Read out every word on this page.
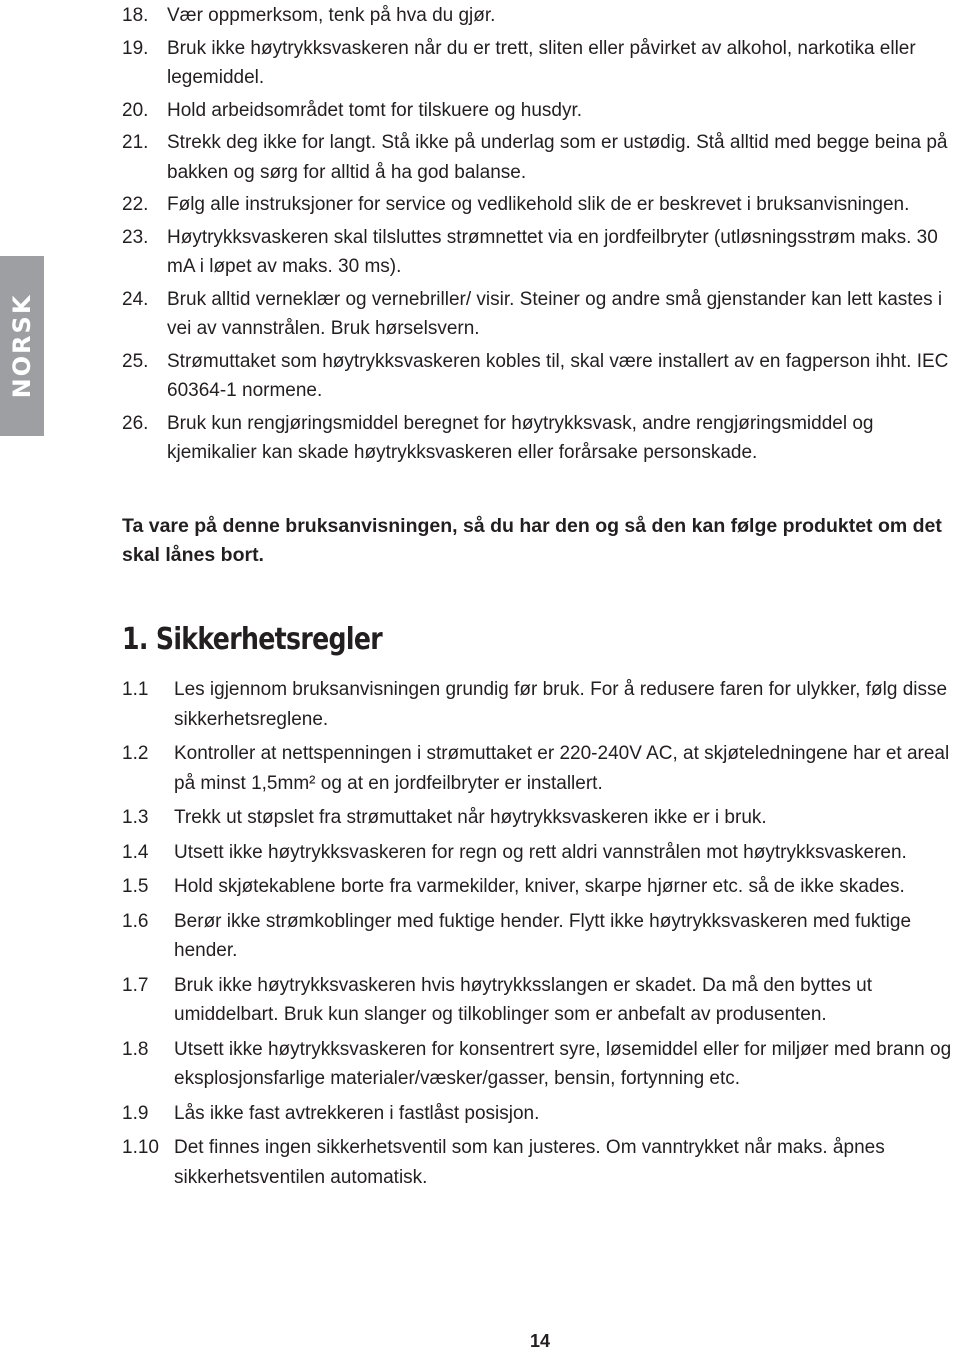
NORSK
18. Vær oppmerksom, tenk på hva du gjør.
19. Bruk ikke høytrykksvaskeren når du er trett, sliten eller påvirket av alkohol, narkotika eller legemiddel.
20. Hold arbeidsområdet tomt for tilskuere og husdyr.
21. Strekk deg ikke for langt. Stå ikke på underlag som er ustødig. Stå alltid med begge beina på bakken og sørg for alltid å ha god balanse.
22. Følg alle instruksjoner for service og vedlikehold slik de er beskrevet i bruksanvisningen.
23. Høytrykksvaskeren skal tilsluttes strømnettet via en jordfeilbryter (utløsningsstrøm maks. 30 mA i løpet av maks. 30 ms).
24. Bruk alltid verneklær og vernebriller/ visir. Steiner og andre små gjenstander kan lett kastes i vei av vannstrålen. Bruk hørselsvern.
25. Strømuttaket som høytrykksvaskeren kobles til, skal være installert av en fagperson ihht. IEC 60364-1 normene.
26. Bruk kun rengjøringsmiddel beregnet for høytrykksvask, andre rengjøringsmiddel og kjemikalier kan skade høytrykksvaskeren eller forårsake personskade.
Ta vare på denne bruksanvisningen, så du har den og så den kan følge produktet om det skal lånes bort.
1. Sikkerhetsregler
1.1	Les igjennom bruksanvisningen grundig før bruk. For å redusere faren for ulykker, følg disse sikkerhetsreglene.
1.2	Kontroller at nettspenningen i strømuttaket er 220-240V AC, at skjøteledningene har et areal på minst 1,5mm² og at en jordfeilbryter er installert.
1.3	Trekk ut støpslet fra strømuttaket når høytrykksvaskeren ikke er i bruk.
1.4	Utsett ikke høytrykksvaskeren for regn og rett aldri vannstrålen mot høytrykksvaskeren.
1.5	Hold skjøtekablene borte fra varmekilder, kniver, skarpe hjørner etc. så de ikke skades.
1.6	Berør ikke strømkoblinger med fuktige hender. Flytt ikke høytrykksvaskeren med fuktige hender.
1.7	Bruk ikke høytrykksvaskeren hvis høytrykksslangen er skadet. Da må den byttes ut umiddelbart. Bruk kun slanger og tilkoblinger som er anbefalt av produsenten.
1.8	Utsett ikke høytrykksvaskeren for konsentrert syre, løsemiddel eller for miljøer med brann og eksplosjonsfarlige materialer/væsker/gasser, bensin, fortynning etc.
1.9	Lås ikke fast avtrekkeren i fastlåst posisjon.
1.10 Det finnes ingen sikkerhetsventil som kan justeres. Om vanntrykket når maks. åpnes sikkerhetsventilen automatisk.
14
